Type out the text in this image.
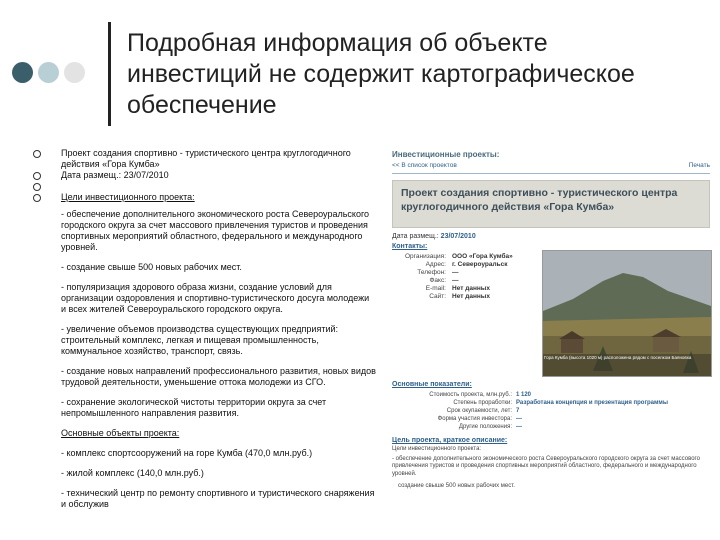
Подробная информация об объекте инвестиций не содержит картографическое обеспечение

Проект создания спортивно - туристического центра круглогодичного действия «Гора Кумба»

Дата размещ.: 23/07/2010

Цели инвестиционного проекта:

- обеспечение дополнительного экономического роста Североуральского городского округа за счет массового привлечения туристов и проведения спортивных мероприятий областного, федерального и международного уровней.

- создание свыше 500 новых рабочих мест.

- популяризация здорового образа жизни, создание условий для организации оздоровления и спортивно-туристического досуга молодежи и всех жителей Североуральского городского округа.

- увеличение объемов производства существующих предприятий: строительный комплекс, легкая и пищевая промышленность, коммунальное хозяйство, транспорт, связь.

- создание новых направлений профессионального развития, новых видов трудовой деятельности, уменьшение оттока молодежи из СГО.

- сохранение экологической чистоты территории округа за счет непромышленного направления развития.

Основные объекты проекта:

- комплекс спортсооружений на горе Кумба (470,0 млн.руб.)

- жилой комплекс (140,0 млн.руб.)

- технический центр по ремонту спортивного и туристического снаряжения и обслужив

Инвестиционные проекты:
<< В список проектов	Печать
Проект создания спортивно - туристического центра круглогодичного действия «Гора Кумба»
Дата размещ.: 23/07/2010
Контакты:
Организация: ООО «Гора Кумба»
Адрес: г. Североуральск
Телефон: —
Факс: —
E-mail: Нет данных
Сайт: Нет данных
Гора Кумба (высота 1020 м) расположена рядом с поселком Баяновка
Основные показатели:
Стоимость проекта, млн.руб.: 1 120
Степень проработки: Разработана концепция и презентация программы
Срок окупаемости, лет: 7
Форма участия инвестора: —
Другие положения: —
Цель проекта, краткое описание:
Цели инвестиционного проекта:
- обеспечение дополнительного экономического роста Североуральского городского округа за счет массового привлечения туристов и проведения спортивных мероприятий областного, федерального и международного уровней.
создание свыше 500 новых рабочих мест.
